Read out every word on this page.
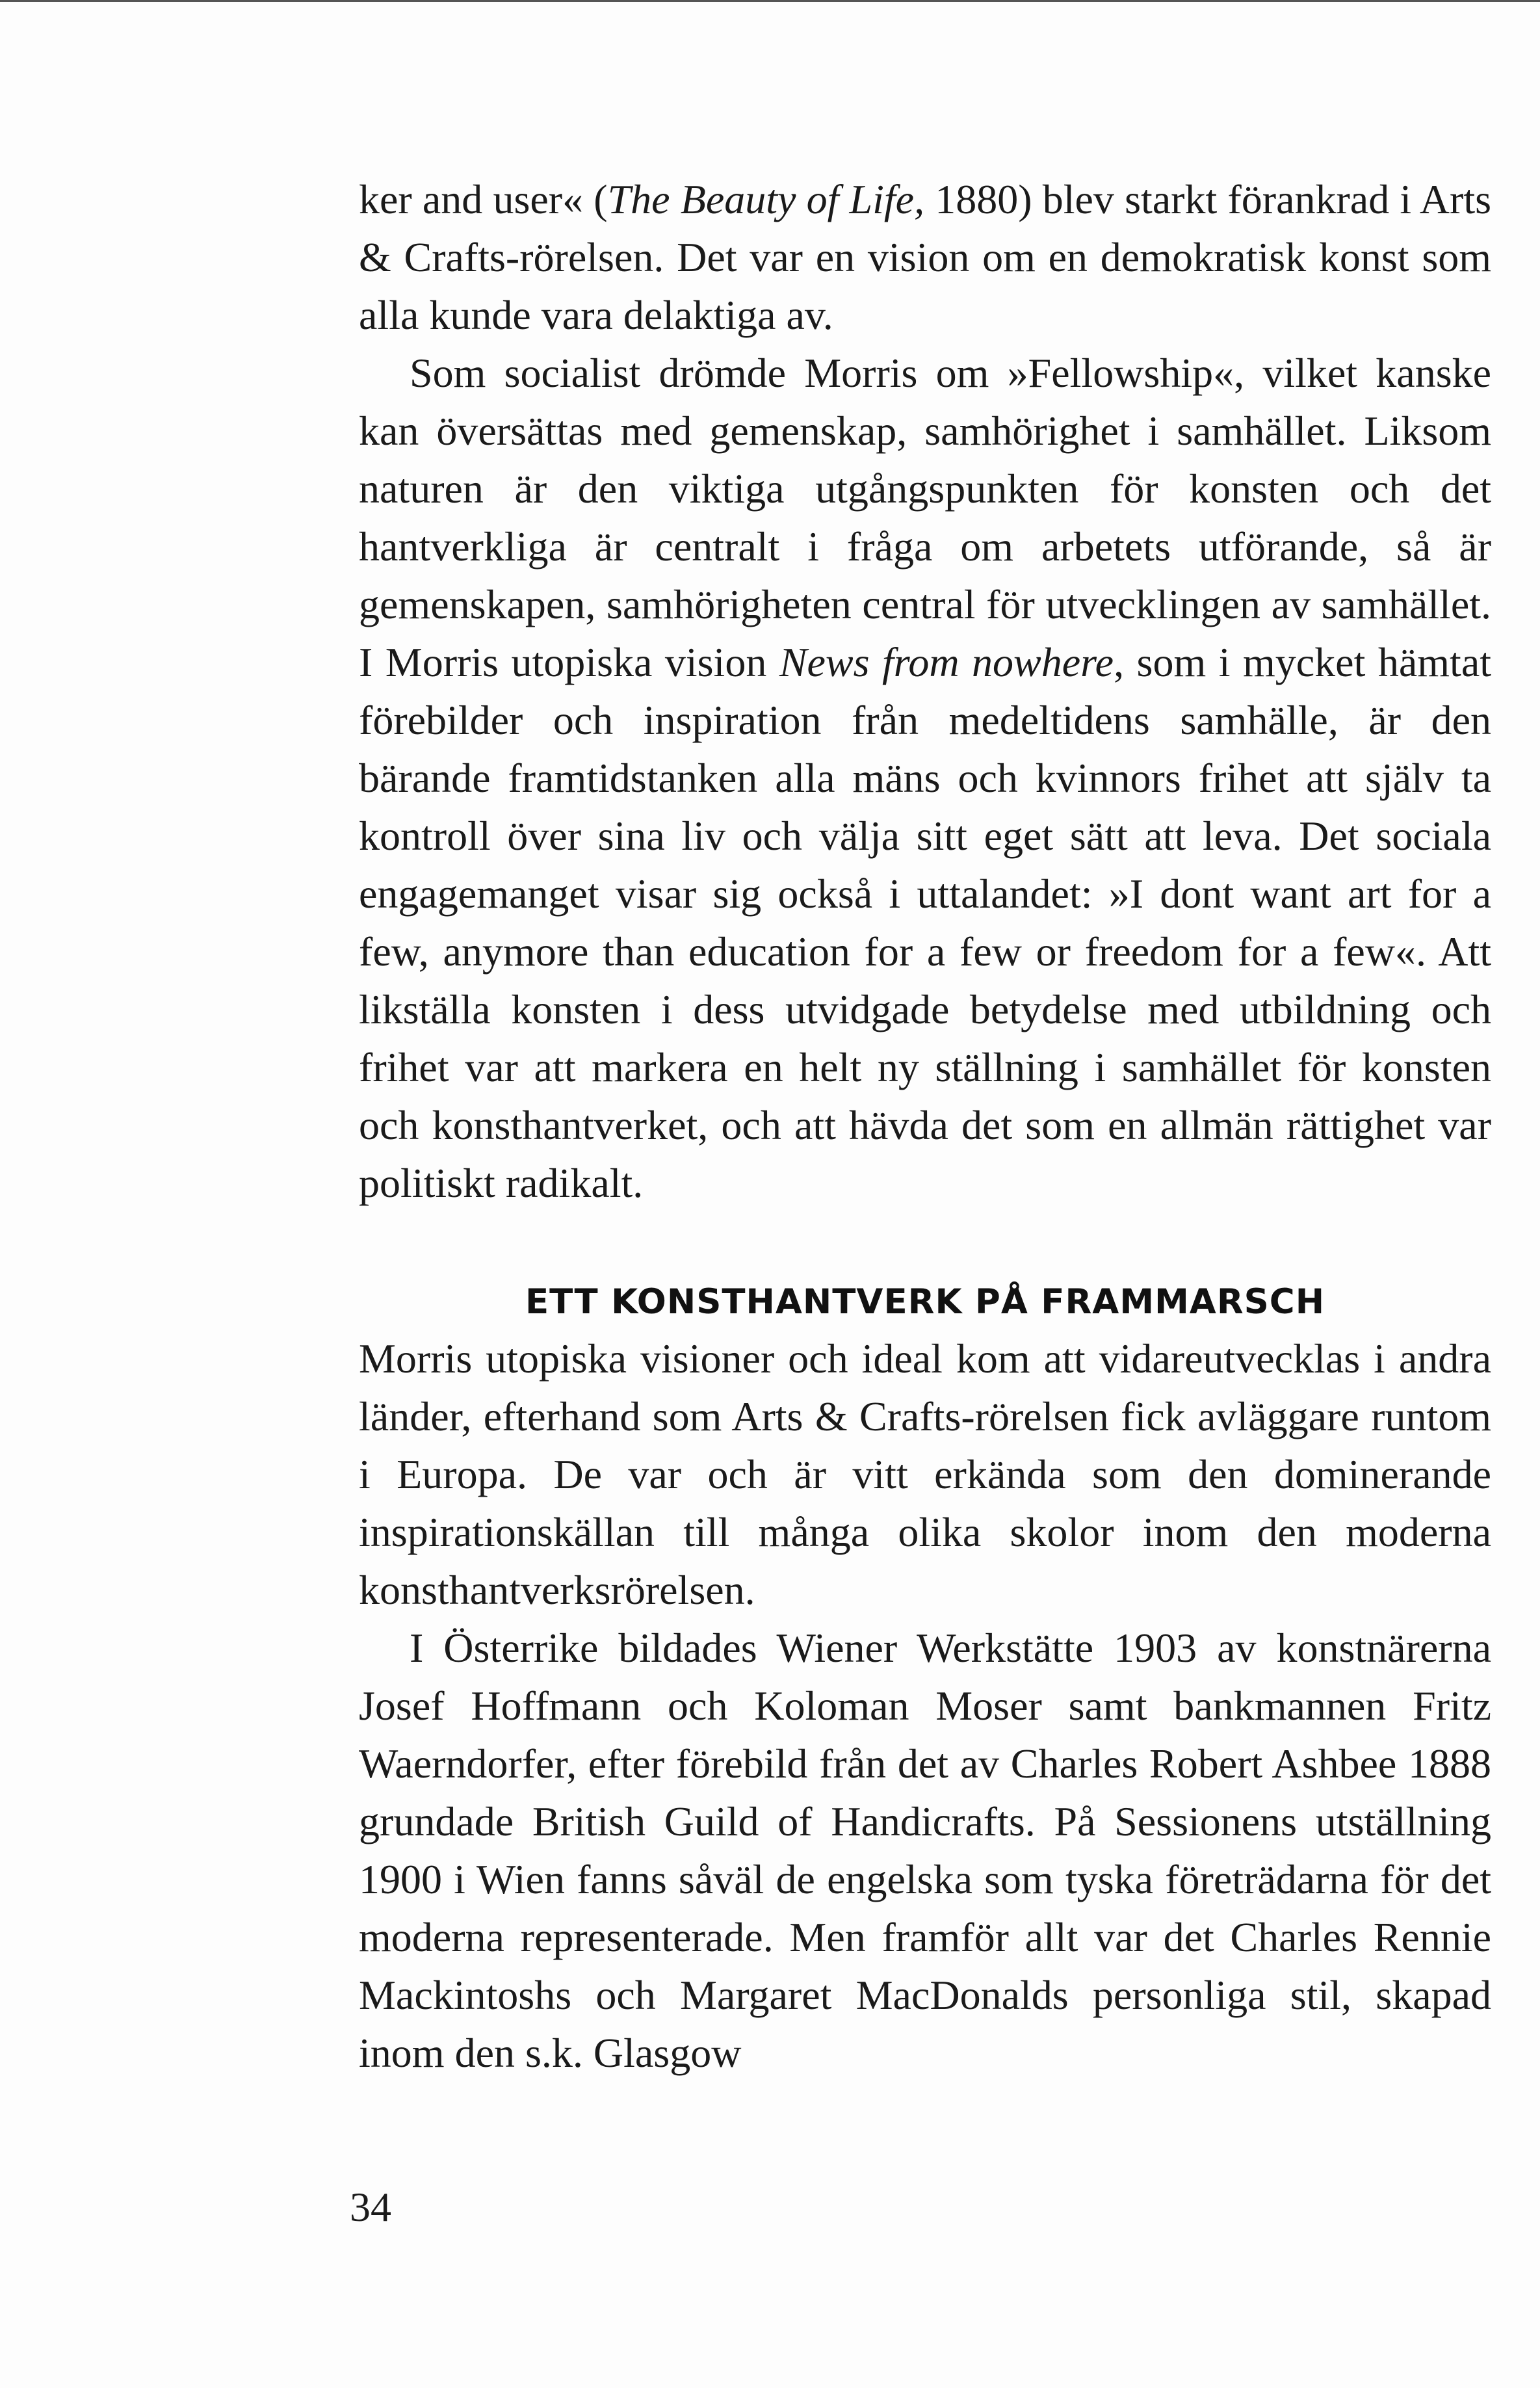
ker and user« (The Beauty of Life, 1880) blev starkt förankrad i Arts & Crafts-rörelsen. Det var en vision om en demokratisk konst som alla kunde vara delaktiga av.

Som socialist drömde Morris om »Fellowship«, vilket kanske kan översättas med gemenskap, samhörighet i samhället. Liksom naturen är den viktiga utgångspunkten för konsten och det hantverkliga är centralt i fråga om arbetets utförande, så är gemenskapen, samhörigheten central för utvecklingen av samhället. I Morris utopiska vision News from nowhere, som i mycket hämtat förebilder och inspiration från medeltidens samhälle, är den bärande framtidstanken alla mäns och kvinnors frihet att själv ta kontroll över sina liv och välja sitt eget sätt att leva. Det sociala engagemanget visar sig också i uttalandet: »I dont want art for a few, anymore than education for a few or freedom for a few«. Att likställa konsten i dess utvidgade betydelse med utbildning och frihet var att markera en helt ny ställning i samhället för konsten och konsthantverket, och att hävda det som en allmän rättighet var politiskt radikalt.

ETT KONSTHANTVERK PÅ FRAMMARSCH

Morris utopiska visioner och ideal kom att vidareutvecklas i andra länder, efterhand som Arts & Crafts-rörelsen fick avläggare runtom i Europa. De var och är vitt erkända som den dominerande inspirationskällan till många olika skolor inom den moderna konsthantverksrörelsen.

I Österrike bildades Wiener Werkstätte 1903 av konstnärerna Josef Hoffmann och Koloman Moser samt bankmannen Fritz Waerndorfer, efter förebild från det av Charles Robert Ashbee 1888 grundade British Guild of Handicrafts. På Sessionens utställning 1900 i Wien fanns såväl de engelska som tyska företrädarna för det moderna representerade. Men framför allt var det Charles Rennie Mackintoshs och Margaret MacDonalds personliga stil, skapad inom den s.k. Glasgow

34
